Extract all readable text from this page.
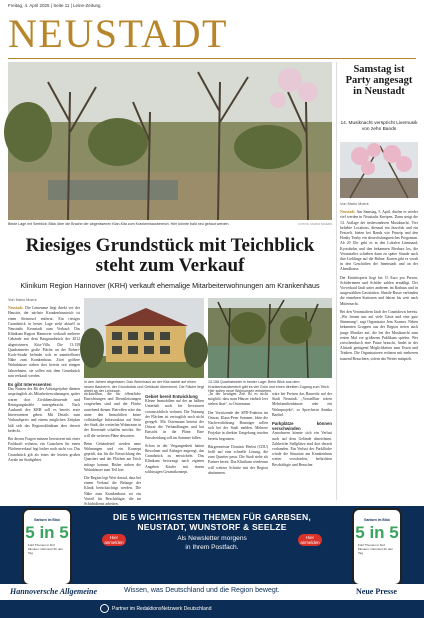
Freitag, 4. April 2025 | Seite 11 | Leine-Zeitung
NEUSTADT
Beide Lage mit Seeblick: Blick über die Brache der abgerissenen Klan-Kita zum Krankenhausbereich. Hier könnte bald neu gebaut werden.	FOTOS: MARIO MOERS
Riesiges Grundstück mit Teichblick steht zum Verkauf
Klinikum Region Hannover (KRH) verkauft ehemalige Mitarbeiterwohnungen am Krankenhaus

Von Mario Moers

Neustadt. Die Leinenaue liegt direkt vor der Haustür, der nächste Krankenhausteich ist einen Steinwurf entfernt. Ein riesiges Grundstück in bester Lage steht aktuell in Neustadts Kernstadt zum Verkauf: Das Klinikum Region Hannover verkauft mehrere Gebäude mit dem Baugrundstück der 2012 abgerissenen Kita-Villa. Die 13.158 Quadratmeter große Fläche an der Robert-Koch-Straße befindet sich in unmittelbarer Nähe zum Krankenhaus. Zwei größere Wohnhäuser stehen dort bereits seit einigen Jahrzehnten, sie sollen mit dem Grundstück nun verkauft werden.

Es gibt Interessenten

Das Nutzen des Bit der Achtzigerjahre dienten ursprünglich als Mitarbeiterwohnungen, später waren dort Zivildienstleistende und Reinigungskräfte untergebracht. Nach Auskunft des KRH soll es bereits erste Interessenten geben. Mit Details zum Verkaufspreis und einem möglichen Zeitplan hält sich das Regionsklinikum aber derzeit bedeckt.

Bei diesen Fragen müssen Investoren mit einer Fachkraft rechnen, ein Gutachten für einen Flächenverkauf legt bisher noch nicht vor. Das Grundstück gilt als eines der letzten großen Areale im Stadtgebiet.

In den Jahren abgerissen: Das Wohnhaus an der Kita wartet auf einen neuen Bauherrn, der Grundstück und Gebäude übernimmt. Die Fläche liegt direkt an der Leineaue.
13.158 Quadratmeter in bester Lage: Beim Blick aus dem Krankenhausbereich gibt es viel Grün und einen direkten Zugang zum Teich. Hier sollen neue Wohnungen entstehen.

rückstellbar, die für öffentliche Einrichtungen und Dienstleistungen vorgesehen sind und der Fläche zustehend dienen. Betroffen wäre das unter den Immobilien keine vollständige Infrastruktur auf Seite der Stadt, die weiterhin Wohnraum in der Kernstadt schaffen möchte. Sie will die weiteren Pläne abwarten.

Beim Gebäudeteil werden neue Wohnungen und ein Konzept geprüft, das für die Entwicklung des Quartiers und der Flächen am Teich infrage kommt. Bisher stehen die Wohnhäuser zum Teil leer.

Die Region legt Wert darauf, dass bei einem Verkauf die Belange der Klinik berücksichtigt werden. Die Nähe zum Krankenhaus sei ein Vorteil für Beschäftigte, die im Schichtdienst arbeiten.

Gebiet bereit Entwicklung

Kleine Immobilien auf der an halben Unterhalt noch bei Investoren voraussichtlich wohnen. Die Nutzung der Flächen ist vertraglich noch nicht geregelt. Mit Ostermann betreut der Ortsrat die Verhandlungen und hat Einsicht in die Pläne. Eine Entscheidung soll im Sommer fallen.

Schon in der Vergangenheit hatten Bewohner und Anlieger angeregt, das Grundstück zu entwickeln. Das Klinikum bevorzugt nach eigenen Angaben Käufer mit einem schlüssigen Gesamtkonzept.

„In der heutigen Zeit ist es nicht möglich, dass man Häuser einfach leer stehen lässt“, so Ostermann.

Der Vorsitzende der SPD-Fraktion im Ortsrat, Klaus-Peter Sommer, lobte die Nachverdichtung. Bauträger sollen sich bei der Stadt melden. Mehrere Projekte in direkter Umgebung wurden bereits begonnen.

Bürgermeister Dominic Herbst (CDU) hofft auf eine schnelle Lösung, die zum Quartier passt. Die Stadt stehe als Partner bereit. Das Klinikum wiederum will weitere Schritte mit der Region abstimmen.

wäre bei Preisen das Baurecht auf der Stadt Neustadt. „Vorstellbar wären Mehrfamilienhäuser oder ein Wohnprojekt“, so Sprecherin Annika Barthel.

Parkplätze können verschwinden

Anwohnern könnte sich ein Verlust auch auf dem Gelände abzeichnen. Zahlreiche Stellplätze sind dort derzeit vorhanden. Ein Verlust der Parkfläche würde die Situation am Krankenhaus weiter verschärfen, befürchten Beschäftigte und Besucher.

Samstag ist Party angesagt in Neustadt
14. Musiknacht verspricht Livemusik von zehn Bands

Von Mario Moers

Neustadt. Am Samstag, 5. April, dürfen es wieder viel werden in Neustadts Kneipen. Dann steigt die 14. Auflage der insbesonderen Musiknacht. Vier beliebte Locations, diesmal ein Jazzclub und ein Festzelt, bieten bei Bands wie Prinzip und den Honky Tonky ein abwechslungsreiches Programm. Ab 20 Uhr geht es in den Lokalen Lärmsand, Kyotoholm und den bekannten Bierbars los, die Veranstalter schieben dann zu später Stunde auch ihre Lieblinge auf die Bühne. Karten gibt es vorab in den Geschäften der Innenstadt und an der Abendkasse.

Der Eintrittspreis liegt bei 15 Euro pro Person, Schülerinnen und Schüler zahlen ermäßigt. Der Vorverkauf läuft unter anderem im Rathaus und in ausgewählten Gaststätten. Shuttle-Busse verbinden die einzelnen Stationen und fahren bis weit nach Mitternacht.

Bei den Veranstaltern läuft der Countdown bereits. „Wir freuen uns auf viele Gäste und eine gute Stimmung“, sagt Organisator Jens Kramer. Neben bekannten Gruppen aus der Region treten auch junge Musiker auf, die bei der Musiknacht zum ersten Mal vor größerem Publikum spielen. Wer zwischendurch eine Pause braucht, findet in der Altstadt genügend Möglichkeiten zum Essen und Trinken. Die Organisatoren rechnen mit mehreren tausend Besuchern, sofern das Wetter mitspielt.

DIE 5 WICHTIGSTEN THEMEN FÜR GARBSEN,
NEUSTADT, WUNSTORF & SEELZE
Als Newsletter morgens
in Ihrem Postfach.
Hier anmelden
Hier anmelden
Garbsen im Blick
5 in 5
Fünf Themen in fünf Minuten: informiert für den Tag
Garbsen im Blick
5 in 5
Fünf Themen in fünf Minuten: informiert für den Tag
Hannoversche Allgemeine	Wissen, was Deutschland und die Region bewegt.	Neue Presse
Partner im RedaktionsNetzwerk Deutschland
